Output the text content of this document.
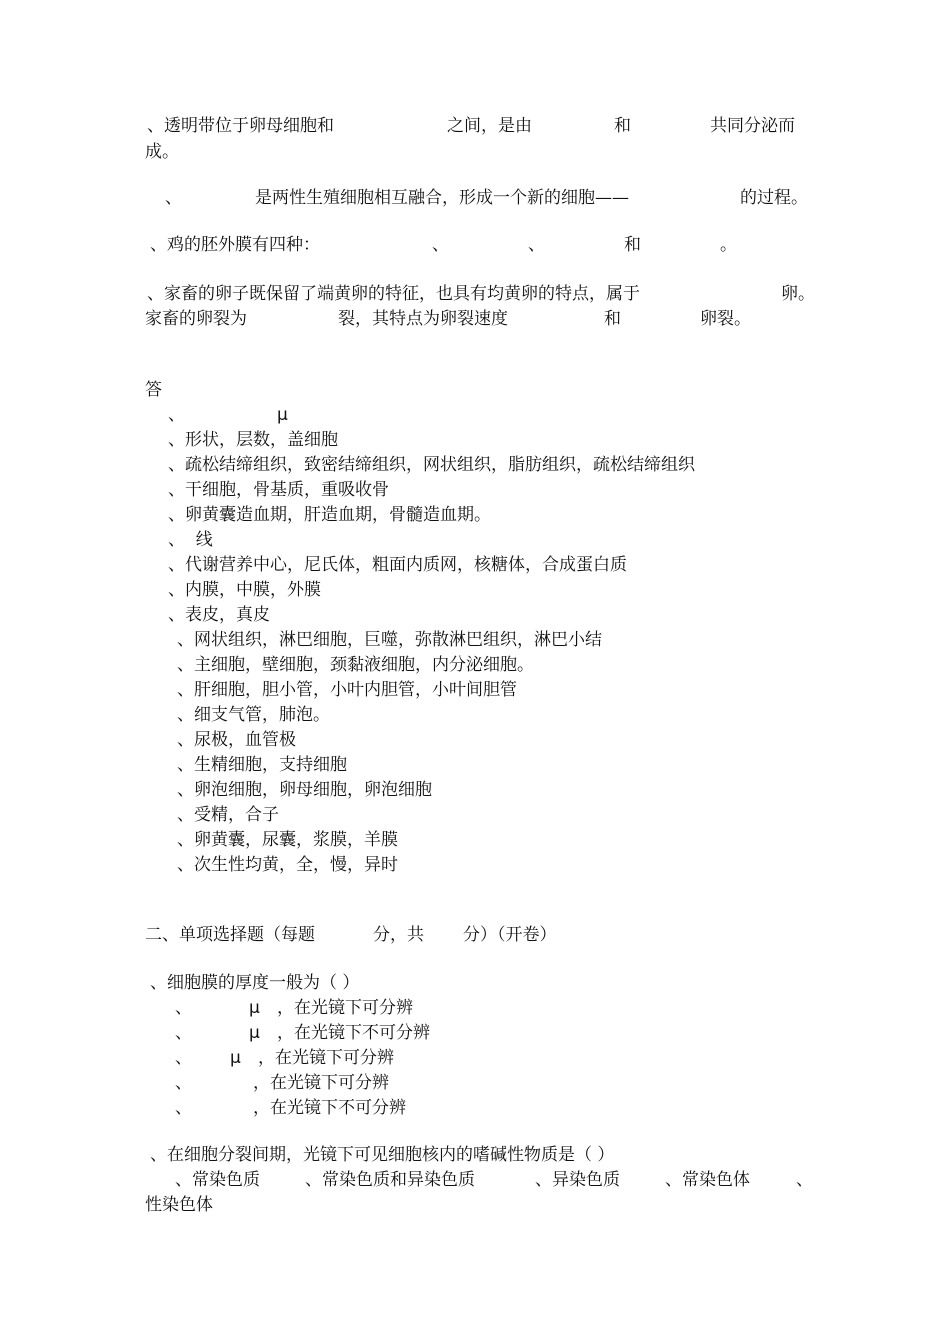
、透明带位于卵母细胞和	之间，是由	和	共同分泌而
成。
、	是两性生殖细胞相互融合，形成一个新的细胞——	的过程。
、鸡的胚外膜有四种：	、	、	和	。
、家畜的卵子既保留了端黄卵的特征，也具有均黄卵的特点，属于	卵。
家畜的卵裂为	裂，其特点为卵裂速度	和	卵裂。
答
、	μ
、形状，层数，盖细胞
、疏松结缔组织，致密结缔组织，网状组织，脂肪组织，疏松结缔组织
、干细胞，骨基质，重吸收骨
、卵黄囊造血期，肝造血期，骨髓造血期。
、  线
、代谢营养中心，尼氏体，粗面内质网，核糖体，合成蛋白质
、内膜，中膜，外膜
、表皮，真皮
、网状组织，淋巴细胞，巨噬，弥散淋巴组织，淋巴小结
、主细胞，壁细胞，颈黏液细胞，内分泌细胞。
、肝细胞，胆小管，小叶内胆管，小叶间胆管
、细支气管，肺泡。
、尿极，血管极
、生精细胞，支持细胞
、卵泡细胞，卵母细胞，卵泡细胞
、受精，合子
、卵黄囊，尿囊，浆膜，羊膜
、次生性均黄，全，慢，异时
二、单项选择题（每题	分，共 分）（开卷）
、细胞膜的厚度一般为（ ）
、	μ ，在光镜下可分辨
、	μ ，在光镜下不可分辨
、 μ ，在光镜下可分辨
、	，在光镜下可分辨
、	，在光镜下不可分辨
、在细胞分裂间期，光镜下可见细胞核内的嗜碱性物质是（ ）
、常染色质	、常染色质和异染色质	、异染色质	、常染色体	、
性染色体
